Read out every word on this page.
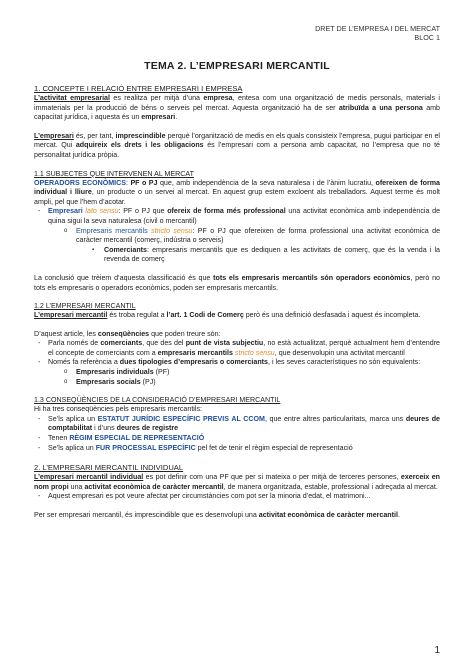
DRET DE L’EMPRESA I DEL MERCAT
BLOC 1
TEMA 2. L’EMPRESARI MERCANTIL
1. CONCEPTE I RELACIÓ ENTRE EMPRESARI I EMPRESA

L’activitat empresarial es realitza per mitjà d’una empresa, entesa com una organització de medis personals, materials i immaterials per la producció de béns o serveis pel mercat. Aquesta organització ha de ser atribuïda a una persona amb capacitat jurídica, i aquesta és un empresari.

L’empresari és, per tant, imprescindible perquè l’organització de medis en els quals consisteix l’empresa, pugui participar en el mercat. Qui adquireix els drets i les obligacions és l’empresari com a persona amb capacitat, no l’empresa que no té personalitat jurídica pròpia.

1.1 SUBJECTES QUE INTERVENEN AL MERCAT

OPERADORS ECONÒMICS: PF o PJ que, amb independència de la seva naturalesa i de l’ànim lucratiu, ofereixen de forma individual i lliure, un producte o un servei al mercat. En aquest grup estem excloent als treballadors. Aquest terme és molt ampli, pel que l’hem d’acotar.

- Empresari lato sensu: PF o PJ que ofereix de forma més professional una activitat econòmica amb independència de quina sigui la seva naturalesa (civil o mercantil)
o Empresaris mercantils stricto sensu: PF o PJ que ofereixen de forma professional una activitat econòmica de caràcter mercantil (comerç, indústria o serveis)
▪ Comerciants: empresaris mercantils que es dediquen a les activitats de comerç, que és la venda i la revenda de comerç

La conclusió que trèiem d’aquesta classificació és que tots els empresaris mercantils són operadors econòmics, però no tots els empresaris o operadors econòmics, poden ser empresaris mercantils.

1.2 L’EMPRESARI MERCANTIL

L’empresari mercantil és troba regulat a l’art. 1 Codi de Comerç però és una definició desfasada i aquest és incompleta.

D’aquest article, les conseqüències que poden treure són:

- Parla només de comerciants, que des del punt de vista subjectiu, no està actualitzat, perquè actualment hem d’entendre el concepte de comerciants com a empresaris mercantils stricto sensu, que desenvolupin una activitat mercantil
- Només fa referència a dues tipologies d’empresaris o comerciants, i les seves característiques no són equivalents:
o Empresaris individuals (PF)
o Empresaris socials (PJ)
1.3 CONSEQÜÈNCIES DE LA CONSIDERACIÓ D’EMPRESARI MERCANTIL

Hi ha tres conseqüències pels empresaris mercantils:

- Se’ls aplica un ESTATUT JURÍDIC ESPECÍFIC PREVIS AL CCOM, que entre altres particularitats, marca uns deures de comptabilitat i d’uns deures de registre
- Tenen RÈGIM ESPECIAL DE REPRESENTACIÓ
- Se’ls aplica un FUR PROCESSAL ESPECÍFIC pel fet de tenir el règim especial de representació
2. L’EMPRESARI MERCANTIL INDIVIDUAL

L’empresari mercantil individual es pot definir com una PF que per si mateixa o per mitjà de terceres persones, exerceix en nom propi una activitat econòmica de caràcter mercantil, de manera organitzada, estable, professional i adreçada al mercat.

- Aquest empresari es pot veure afectat per circumstàncies com pot ser la minoria d’edat, el matrimoni...

Per ser empresari mercantil, és imprescindible que es desenvolupi una activitat econòmica de caràcter mercantil.

1
